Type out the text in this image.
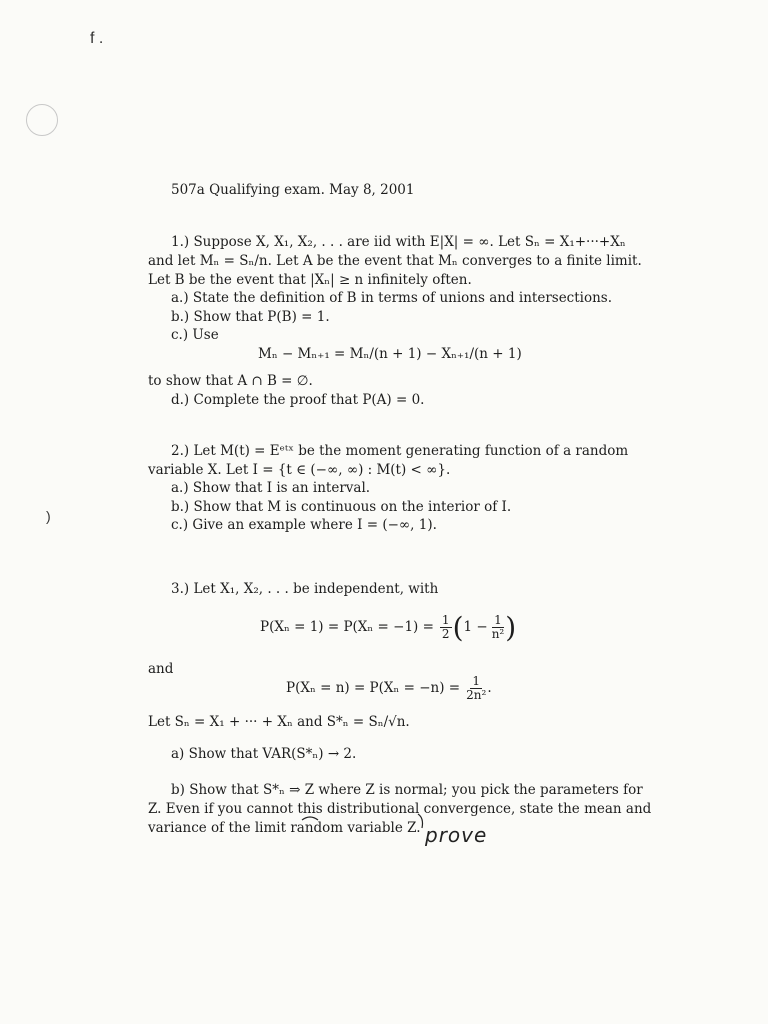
f .
)
507a Qualifying exam. May 8, 2001
1.) Suppose X, X₁, X₂, . . . are iid with E|X| = ∞. Let Sₙ = X₁+···+Xₙ
and let Mₙ = Sₙ/n. Let A be the event that Mₙ converges to a finite limit.
Let B be the event that |Xₙ| ≥ n infinitely often.
a.) State the definition of B in terms of unions and intersections.
b.) Show that P(B) = 1.
c.) Use
Mₙ − Mₙ₊₁ = Mₙ/(n + 1) − Xₙ₊₁/(n + 1)
to show that A ∩ B = ∅.
d.) Complete the proof that P(A) = 0.
2.) Let M(t) = Eᵉᵗˣ be the moment generating function of a random
variable X. Let I = {t ∈ (−∞, ∞) : M(t) < ∞}.
a.) Show that I is an interval.
b.) Show that M is continuous on the interior of I.
c.) Give an example where I = (−∞, 1).
3.) Let X₁, X₂, . . . be independent, with
$P(X_n = 1) = P(X_n = -1) = \frac{1}{2}$ ( $1 - \frac{1}{\text{n²}}$ )
and
$P(X_n = n) = P(X_n = -n) = \frac{1}{\text{2n²}}$ .
Let Sₙ = X₁ + ··· + Xₙ and S*ₙ = Sₙ/√n.
a) Show that VAR(S*ₙ) → 2.
b) Show that S*ₙ ⇒ Z where Z is normal; you pick the parameters for
Z. Even if you cannot this distributional convergence, state the mean and
variance of the limit random variable Z. prove
